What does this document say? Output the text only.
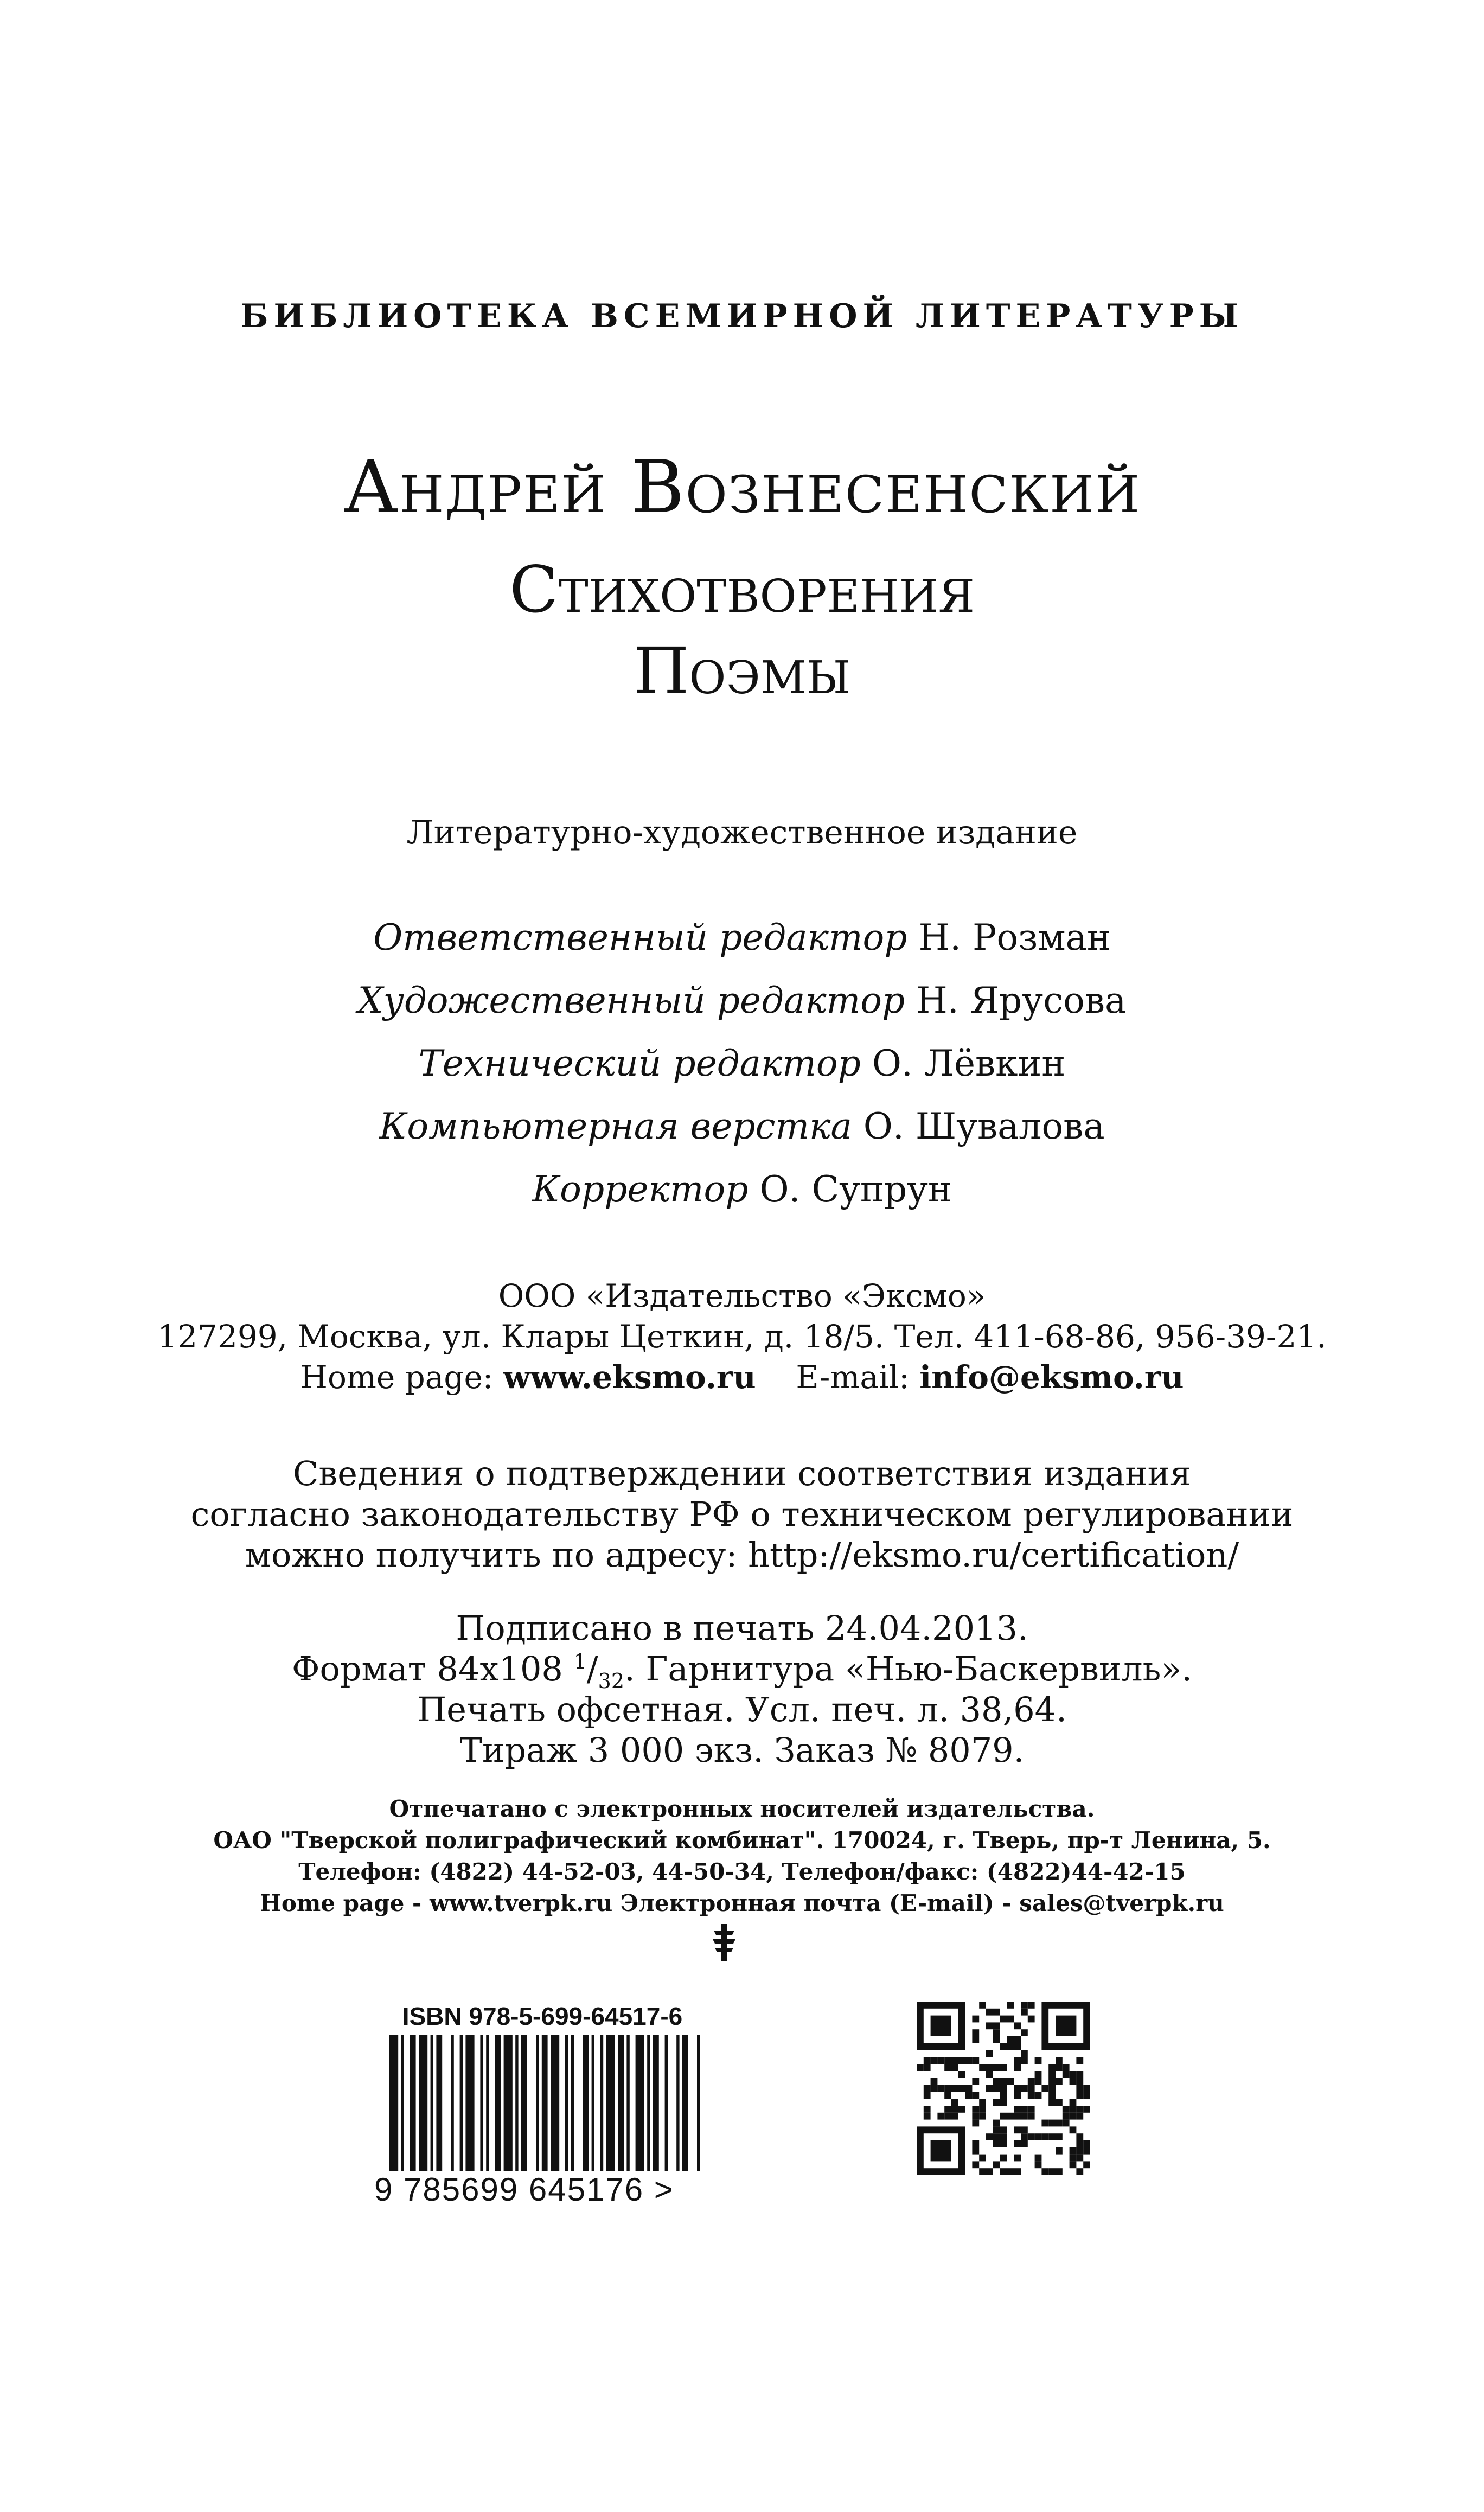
БИБЛИОТЕКА ВСЕМИРНОЙ ЛИТЕРАТУРЫ
Андрей Вознесенский
Стихотворения
Поэмы
Литературно-художественное издание
Ответственный редактор Н. Розман
Художественный редактор Н. Ярусова
Технический редактор О. Лёвкин
Компьютерная верстка О. Шувалова
Корректор О. Супрун
ООО «Издательство «Эксмо»
127299, Москва, ул. Клары Цеткин, д. 18/5. Тел. 411-68-86, 956-39-21.
Home page: www.eksmo.ru E-mail: info@eksmo.ru
Сведения о подтверждении соответствия издания
согласно законодательству РФ о техническом регулировании
можно получить по адресу: http://eksmo.ru/certification/
Подписано в печать 24.04.2013.
Формат 84х108 $^1/_{32}$. Гарнитура «Нью-Баскервиль».
Печать офсетная. Усл. печ. л. 38,64.
Тираж 3 000 экз. Заказ № 8079.
Отпечатано с электронных носителей издательства.
ОАО "Тверской полиграфический комбинат". 170024, г. Тверь, пр-т Ленина, 5.
Телефон: (4822) 44-52-03, 44-50-34, Телефон/факс: (4822)44-42-15
Home page - www.tverpk.ru Электронная почта (E-mail) - sales@tverpk.ru
ISBN 978-5-699-64517-6
9 785699 645176 >
